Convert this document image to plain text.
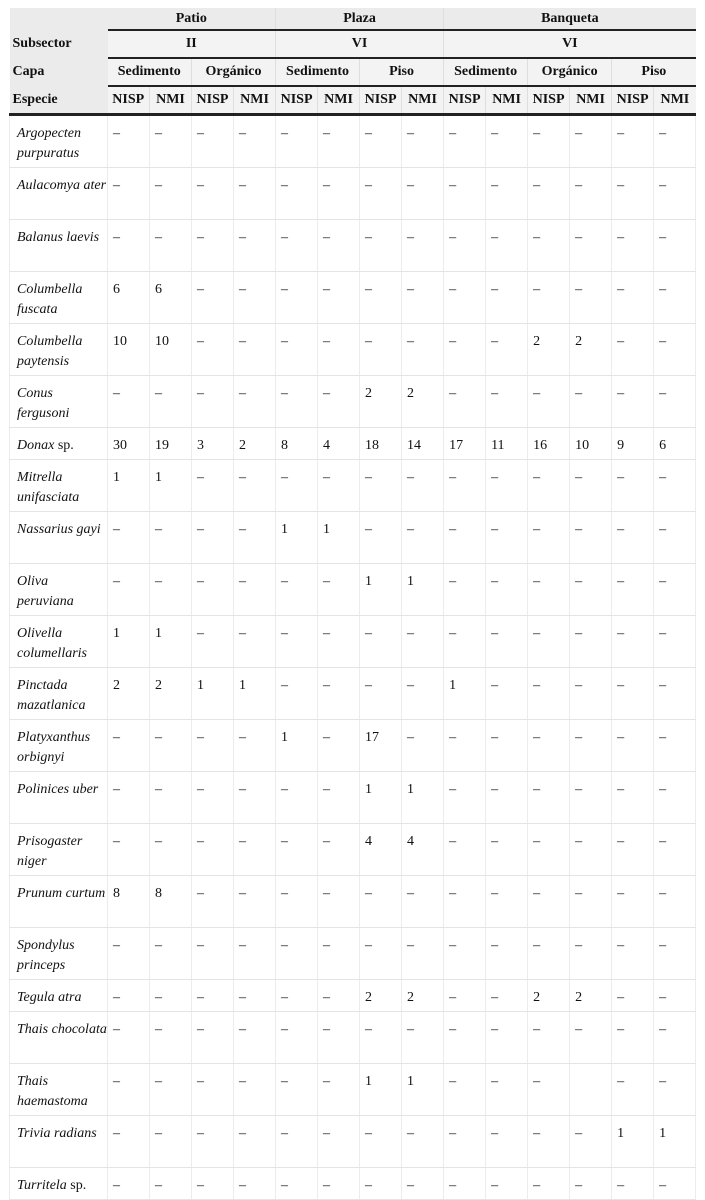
	Patio				Plaza				Banqueta					
Subsector	II				VI				VI					
Capa	Sedimento		Orgánico		Sedimento		Piso		Sedimento		Orgánico		Piso	
Especie	NISP	NMI	NISP	NMI	NISP	NMI	NISP	NMI	NISP	NMI	NISP	NMI	NISP	NMI
Argopecten purpuratus	–	–	–	–	–	–	–	–	–	–	–	–	–	–
Aulacomya ater	–	–	–	–	–	–	–	–	–	–	–	–	–	–
Balanus laevis	–	–	–	–	–	–	–	–	–	–	–	–	–	–
Columbella fuscata	6	6	–	–	–	–	–	–	–	–	–	–	–	–
Columbella paytensis	10	10	–	–	–	–	–	–	–	–	2	2	–	–
Conus fergusoni	–	–	–	–	–	–	2	2	–	–	–	–	–	–
Donax sp.	30	19	3	2	8	4	18	14	17	11	16	10	9	6
Mitrella unifasciata	1	1	–	–	–	–	–	–	–	–	–	–	–	–
Nassarius gayi	–	–	–	–	1	1	–	–	–	–	–	–	–	–
Oliva peruviana	–	–	–	–	–	–	1	1	–	–	–	–	–	–
Olivella columellaris	1	1	–	–	–	–	–	–	–	–	–	–	–	–
Pinctada mazatlanica	2	2	1	1	–	–	–	–	1	–	–	–	–	–
Platyxanthus orbignyi	–	–	–	–	1	–	17	–	–	–	–	–	–	–
Polinices uber	–	–	–	–	–	–	1	1	–	–	–	–	–	–
Prisogaster niger	–	–	–	–	–	–	4	4	–	–	–	–	–	–
Prunum curtum	8	8	–	–	–	–	–	–	–	–	–	–	–	–
Spondylus princeps	–	–	–	–	–	–	–	–	–	–	–	–	–	–
Tegula atra	–	–	–	–	–	–	2	2	–	–	2	2	–	–
Thais chocolata	–	–	–	–	–	–	–	–	–	–	–	–	–	–
Thais haemastoma	–	–	–	–	–	–	1	1	–	–	–		–	–
Trivia radians	–	–	–	–	–	–	–	–	–	–	–	–	1	1
Turritela sp.	–	–	–	–	–	–	–	–	–	–	–	–	–	–
